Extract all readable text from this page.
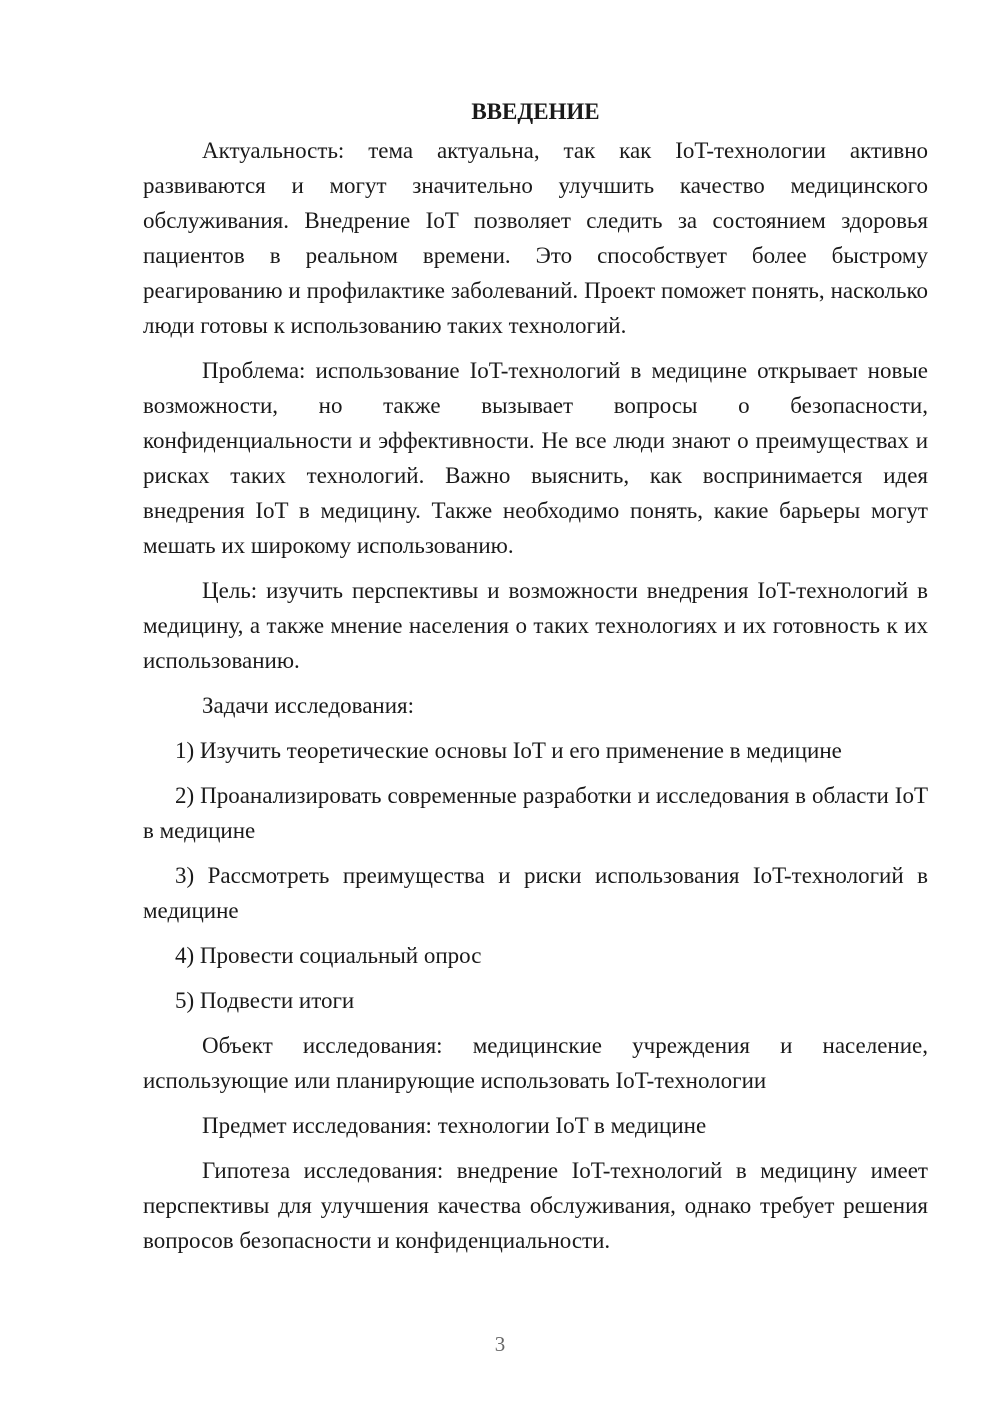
ВВЕДЕНИЕ

Актуальность: тема актуальна, так как IoT-технологии активно развиваются и могут значительно улучшить качество медицинского обслуживания. Внедрение IoT позволяет следить за состоянием здоровья пациентов в реальном времени. Это способствует более быстрому реагированию и профилактике заболеваний. Проект поможет понять, насколько люди готовы к использованию таких технологий.

Проблема: использование IoT-технологий в медицине открывает новые возможности, но также вызывает вопросы о безопасности, конфиденциальности и эффективности. Не все люди знают о преимуществах и рисках таких технологий. Важно выяснить, как воспринимается идея внедрения IoT в медицину. Также необходимо понять, какие барьеры могут мешать их широкому использованию.

Цель: изучить перспективы и возможности внедрения IoT-технологий в медицину, а также мнение населения о таких технологиях и их готовность к их использованию.

Задачи исследования:

1) Изучить теоретические основы IoT и его применение в медицине

2) Проанализировать современные разработки и исследования в области IoT в медицине

3) Рассмотреть преимущества и риски использования IoT-технологий в медицине

4) Провести социальный опрос

5) Подвести итоги

Объект исследования: медицинские учреждения и население, использующие или планирующие использовать IoT-технологии

Предмет исследования: технологии IoT в медицине

Гипотеза исследования: внедрение IoT-технологий в медицину имеет перспективы для улучшения качества обслуживания, однако требует решения вопросов безопасности и конфиденциальности.

3
